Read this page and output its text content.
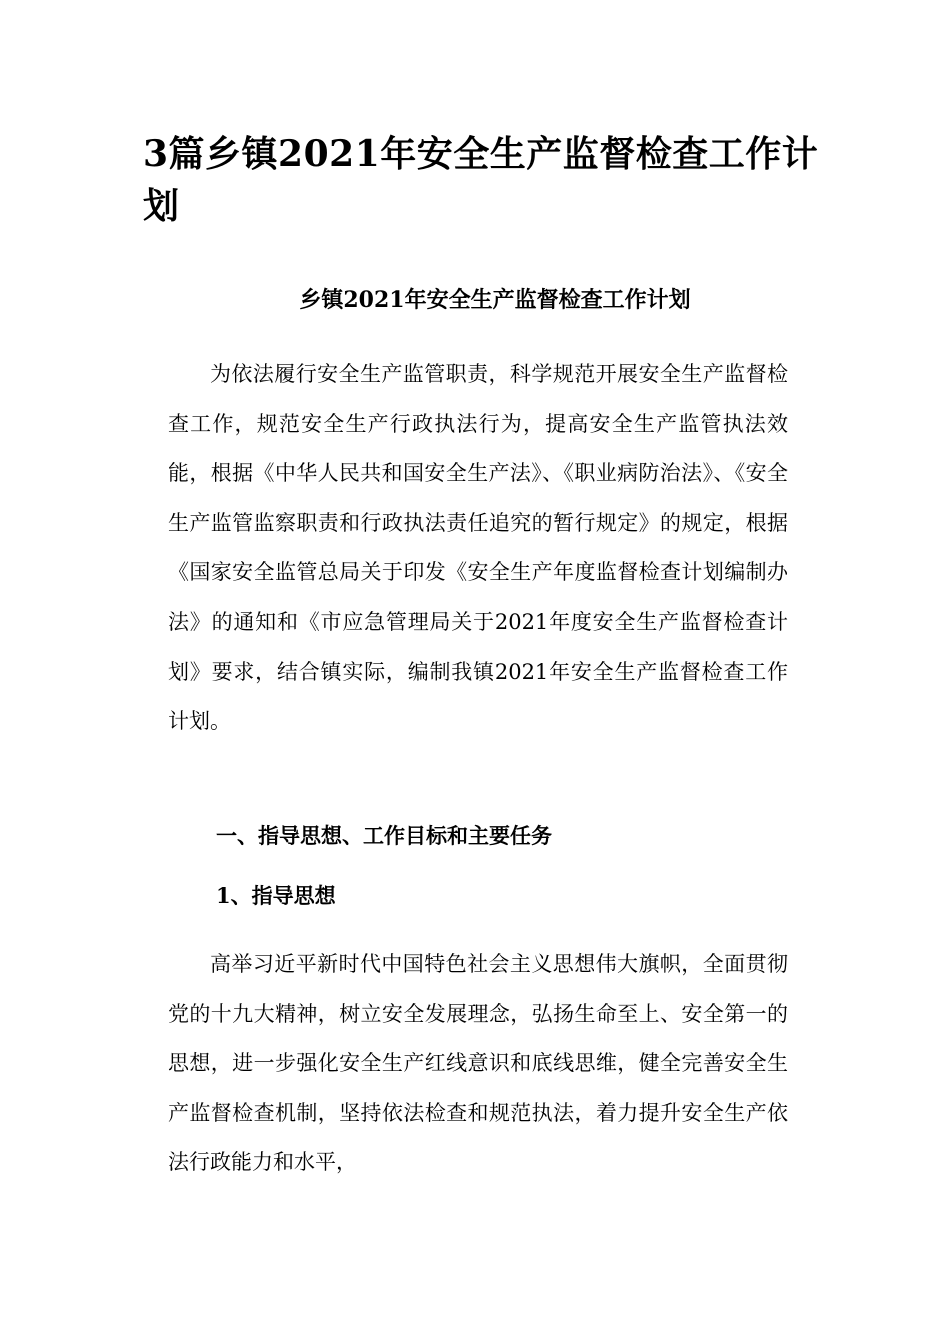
3篇乡镇2021年安全生产监督检查工作计划
乡镇2021年安全生产监督检查工作计划

为依法履行安全生产监管职责，科学规范开展安全生产监督检查工作，规范安全生产行政执法行为，提高安全生产监管执法效能，根据《中华人民共和国安全生产法》、《职业病防治法》、《安全生产监管监察职责和行政执法责任追究的暂行规定》的规定，根据《国家安全监管总局关于印发《安全生产年度监督检查计划编制办法》的通知和《市应急管理局关于2021年度安全生产监督检查计划》要求，结合镇实际，编制我镇2021年安全生产监督检查工作计划。

一、指导思想、工作目标和主要任务
1、指导思想

高举习近平新时代中国特色社会主义思想伟大旗帜，全面贯彻党的十九大精神，树立安全发展理念，弘扬生命至上、安全第一的思想，进一步强化安全生产红线意识和底线思维，健全完善安全生产监督检查机制，坚持依法检查和规范执法，着力提升安全生产依法行政能力和水平，
